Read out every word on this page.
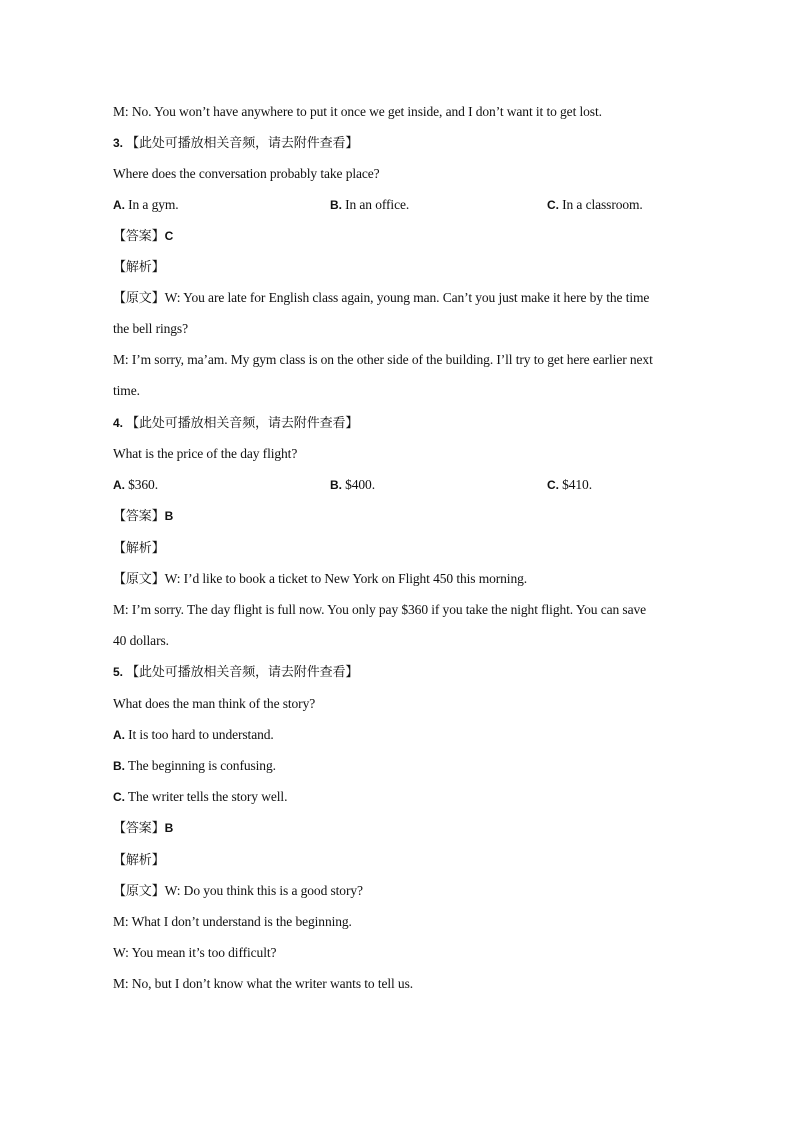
M: No. You won’t have anywhere to put it once we get inside, and I don’t want it to get lost.
3. 【此处可播放相关音频，请去附件查看】
Where does the conversation probably take place?
A. In a gym.	B. In an office.	C. In a classroom.
【答案】C
【解析】
【原文】W: You are late for English class again, young man. Can’t you just make it here by the time
the bell rings?
M: I’m sorry, ma’am. My gym class is on the other side of the building. I’ll try to get here earlier next
time.
4. 【此处可播放相关音频，请去附件查看】
What is the price of the day flight?
A. $360.	B. $400.	C. $410.
【答案】B
【解析】
【原文】W: I’d like to book a ticket to New York on Flight 450 this morning.
M: I’m sorry. The day flight is full now. You only pay $360 if you take the night flight. You can save
40 dollars.
5. 【此处可播放相关音频，请去附件查看】
What does the man think of the story?
A. It is too hard to understand.
B. The beginning is confusing.
C. The writer tells the story well.
【答案】B
【解析】
【原文】W: Do you think this is a good story?
M: What I don’t understand is the beginning.
W: You mean it’s too difficult?
M: No, but I don’t know what the writer wants to tell us.
